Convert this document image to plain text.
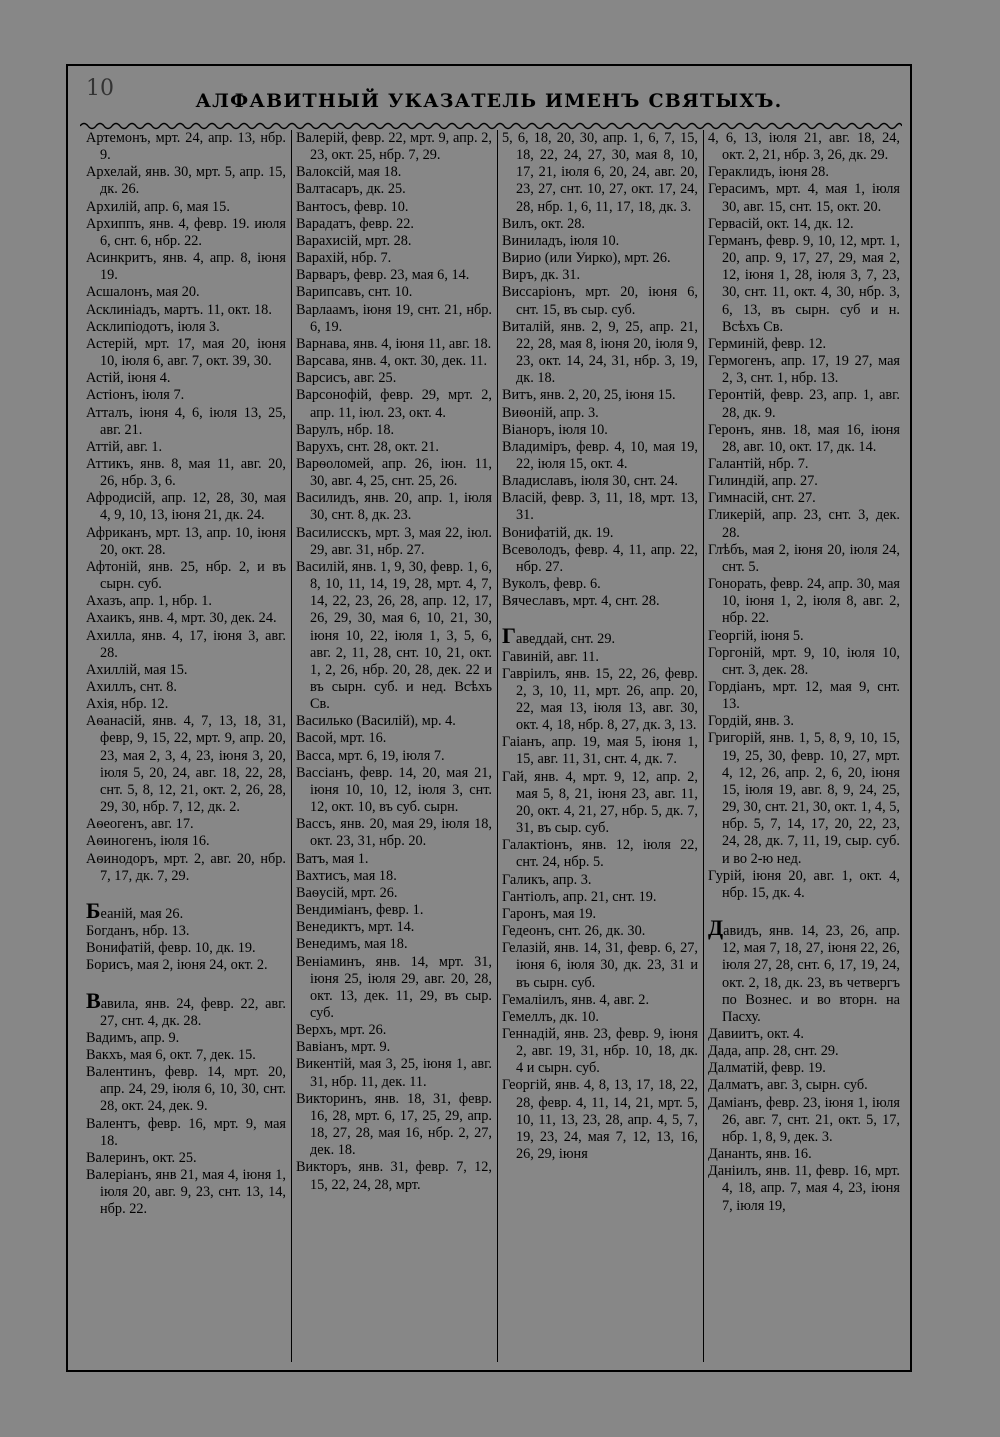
10	АЛФАВИТНЫЙ УКАЗАТЕЛЬ ИМЕНЪ СВЯТЫХЪ.
Артемонъ, мрт. 24, апр. 13, нбр. 9.
Архелай, янв. 30, мрт. 5, апр. 15, дк. 26.
Архилій, апр. 6, мая 15.
Архиппъ, янв. 4, февр. 19. июля 6, снт. 6, нбр. 22.
Асинкритъ, янв. 4, апр. 8, іюня 19.
Асшалонъ, мая 20.
Асклиніадъ, мартъ. 11, окт. 18.
Асклипіодотъ, іюля 3.
Астерій, мрт. 17, мая 20, іюня 10, іюля 6, авг. 7, окт. 39, 30.
Астій, іюня 4.
Астіонъ, іюля 7.
Атталъ, іюня 4, 6, іюля 13, 25, авг. 21.
Аттій, авг. 1.
Аттикъ, янв. 8, мая 11, авг. 20, 26, нбр. 3, 6.
Афродисій, апр. 12, 28, 30, мая 4, 9, 10, 13, іюня 21, дк. 24.
Африканъ, мрт. 13, апр. 10, іюня 20, окт. 28.
Афтоній, янв. 25, нбр. 2, и въ сырн. суб.
Ахазъ, апр. 1, нбр. 1.
Ахаикъ, янв. 4, мрт. 30, дек. 24.
Ахилла, янв. 4, 17, іюня 3, авг. 28.
Ахиллій, мая 15.
Ахиллъ, снт. 8.
Ахія, нбр. 12.
Аѳанасій, янв. 4, 7, 13, 18, 31, февр, 9, 15, 22, мрт. 9, апр. 20, 23, мая 2, 3, 4, 23, іюня 3, 20, іюля 5, 20, 24, авг. 18, 22, 28, снт. 5, 8, 12, 21, окт. 2, 26, 28, 29, 30, нбр. 7, 12, дк. 2.
Аѳеогенъ, авг. 17.
Аѳиногенъ, іюля 16.
Аѳинодоръ, мрт. 2, авг. 20, нбр. 7, 17, дк. 7, 29.
Беаній, мая 26.
Богданъ, нбр. 13.
Вонифатій, февр. 10, дк. 19.
Борисъ, мая 2, іюня 24, окт. 2.
Вавила, янв. 24, февр. 22, авг. 27, снт. 4, дк. 28.
Вадимъ, апр. 9.
Вакхъ, мая 6, окт. 7, дек. 15.
Валентинъ, февр. 14, мрт. 20, апр. 24, 29, іюля 6, 10, 30, снт. 28, окт. 24, дек. 9.
Валентъ, февр. 16, мрт. 9, мая 18.
Валеринъ, окт. 25.
Валеріанъ, янв 21, мая 4, іюня 1, іюля 20, авг. 9, 23, снт. 13, 14, нбр. 22.
Валерій, февр. 22, мрт. 9, апр. 2, 23, окт. 25, нбр. 7, 29.
Валоксій, мая 18.
Валтасаръ, дк. 25.
Вантосъ, февр. 10.
Варадатъ, февр. 22.
Варахисій, мрт. 28.
Варахій, нбр. 7.
Варваръ, февр. 23, мая 6, 14.
Варипсавъ, снт. 10.
Варлаамъ, іюня 19, снт. 21, нбр. 6, 19.
Варнава, янв. 4, іюня 11, авг. 18.
Варсава, янв. 4, окт. 30, дек. 11.
Варсисъ, авг. 25.
Варсонофій, февр. 29, мрт. 2, апр. 11, іюл. 23, окт. 4.
Варулъ, нбр. 18.
Варухъ, снт. 28, окт. 21.
Варѳоломей, апр. 26, іюн. 11, 30, авг. 4, 25, снт. 25, 26.
Василидъ, янв. 20, апр. 1, іюля 30, снт. 8, дк. 23.
Василисскъ, мрт. 3, мая 22, іюл. 29, авг. 31, нбр. 27.
Василій, янв. 1, 9, 30, февр. 1, 6, 8, 10, 11, 14, 19, 28, мрт. 4, 7, 14, 22, 23, 26, 28, апр. 12, 17, 26, 29, 30, мая 6, 10, 21, 30, іюня 10, 22, іюля 1, 3, 5, 6, авг. 2, 11, 28, снт. 10, 21, окт. 1, 2, 26, нбр. 20, 28, дек. 22 и въ сырн. суб. и нед. Всѣхъ Св.
Василько (Василій), мр. 4.
Васой, мрт. 16.
Васса, мрт. 6, 19, іюля 7.
Вассіанъ, февр. 14, 20, мая 21, іюня 10, 10, 12, іюля 3, снт. 12, окт. 10, въ суб. сырн.
Вассъ, янв. 20, мая 29, іюля 18, окт. 23, 31, нбр. 20.
Ватъ, мая 1.
Вахтисъ, мая 18.
Ваѳусій, мрт. 26.
Вендиміанъ, февр. 1.
Венедиктъ, мрт. 14.
Венедимъ, мая 18.
Веніаминъ, янв. 14, мрт. 31, іюня 25, іюля 29, авг. 20, 28, окт. 13, дек. 11, 29, въ сыр. суб.
Верхъ, мрт. 26.
Вавіанъ, мрт. 9.
Викентій, мая 3, 25, іюня 1, авг. 31, нбр. 11, дек. 11.
Викторинъ, янв. 18, 31, февр. 16, 28, мрт. 6, 17, 25, 29, апр. 18, 27, 28, мая 16, нбр. 2, 27, дек. 18.
Викторъ, янв. 31, февр. 7, 12, 15, 22, 24, 28, мрт.
5, 6, 18, 20, 30, апр. 1, 6, 7, 15, 18, 22, 24, 27, 30, мая 8, 10, 17, 21, іюля 6, 20, 24, авг. 20, 23, 27, снт. 10, 27, окт. 17, 24, 28, нбр. 1, 6, 11, 17, 18, дк. 3.
Вилъ, окт. 28.
Виниладъ, іюля 10.
Вирио (или Уирко), мрт. 26.
Виръ, дк. 31.
Виссаріонъ, мрт. 20, іюня 6, снт. 15, въ сыр. суб.
Виталій, янв. 2, 9, 25, апр. 21, 22, 28, мая 8, іюня 20, іюля 9, 23, окт. 14, 24, 31, нбр. 3, 19, дк. 18.
Витъ, янв. 2, 20, 25, іюня 15.
Виѳоній, апр. 3.
Віаноръ, іюля 10.
Владиміръ, февр. 4, 10, мая 19, 22, іюля 15, окт. 4.
Владиславъ, іюля 30, снт. 24.
Власій, февр. 3, 11, 18, мрт. 13, 31.
Вонифатій, дк. 19.
Всеволодъ, февр. 4, 11, апр. 22, нбр. 27.
Вуколъ, февр. 6.
Вячеславъ, мрт. 4, снт. 28.
Гаведдай, снт. 29.
Гавиній, авг. 11.
Гавріилъ, янв. 15, 22, 26, февр. 2, 3, 10, 11, мрт. 26, апр. 20, 22, мая 13, іюля 13, авг. 30, окт. 4, 18, нбр. 8, 27, дк. 3, 13.
Гаіанъ, апр. 19, мая 5, іюня 1, 15, авг. 11, 31, снт. 4, дк. 7.
Гай, янв. 4, мрт. 9, 12, апр. 2, мая 5, 8, 21, іюня 23, авг. 11, 20, окт. 4, 21, 27, нбр. 5, дк. 7, 31, въ сыр. суб.
Галактіонъ, янв. 12, іюля 22, снт. 24, нбр. 5.
Галикъ, апр. 3.
Гантіолъ, апр. 21, снт. 19.
Гаронъ, мая 19.
Гедеонъ, снт. 26, дк. 30.
Гелазій, янв. 14, 31, февр. 6, 27, іюня 6, іюля 30, дк. 23, 31 и въ сырн. суб.
Гемаліилъ, янв. 4, авг. 2.
Гемеллъ, дк. 10.
Геннадій, янв. 23, февр. 9, іюня 2, авг. 19, 31, нбр. 10, 18, дк. 4 и сырн. суб.
Георгій, янв. 4, 8, 13, 17, 18, 22, 28, февр. 4, 11, 14, 21, мрт. 5, 10, 11, 13, 23, 28, апр. 4, 5, 7, 19, 23, 24, мая 7, 12, 13, 16, 26, 29, іюня
4, 6, 13, іюля 21, авг. 18, 24, окт. 2, 21, нбр. 3, 26, дк. 29.
Гераклидъ, іюня 28.
Герасимъ, мрт. 4, мая 1, іюля 30, авг. 15, снт. 15, окт. 20.
Гервасій, окт. 14, дк. 12.
Германъ, февр. 9, 10, 12, мрт. 1, 20, апр. 9, 17, 27, 29, мая 2, 12, іюня 1, 28, іюля 3, 7, 23, 30, снт. 11, окт. 4, 30, нбр. 3, 6, 13, въ сырн. суб и н. Всѣхъ Св.
Герминій, февр. 12.
Гермогенъ, апр. 17, 19 27, мая 2, 3, снт. 1, нбр. 13.
Геронтій, февр. 23, апр. 1, авг. 28, дк. 9.
Геронъ, янв. 18, мая 16, іюня 28, авг. 10, окт. 17, дк. 14.
Галантій, нбр. 7.
Гилиндій, апр. 27.
Гимнасій, снт. 27.
Гликерій, апр. 23, снт. 3, дек. 28.
Глѣбъ, мая 2, іюня 20, іюля 24, снт. 5.
Гонорать, февр. 24, апр. 30, мая 10, іюня 1, 2, іюля 8, авг. 2, нбр. 22.
Георгій, іюня 5.
Горгоній, мрт. 9, 10, іюля 10, снт. 3, дек. 28.
Гордіанъ, мрт. 12, мая 9, снт. 13.
Гордій, янв. 3.
Григорій, янв. 1, 5, 8, 9, 10, 15, 19, 25, 30, февр. 10, 27, мрт. 4, 12, 26, апр. 2, 6, 20, іюня 15, іюля 19, авг. 8, 9, 24, 25, 29, 30, снт. 21, 30, окт. 1, 4, 5, нбр. 5, 7, 14, 17, 20, 22, 23, 24, 28, дк. 7, 11, 19, сыр. суб. и во 2-ю нед.
Гурій, іюня 20, авг. 1, окт. 4, нбр. 15, дк. 4.
Давидъ, янв. 14, 23, 26, апр. 12, мая 7, 18, 27, іюня 22, 26, іюля 27, 28, снт. 6, 17, 19, 24, окт. 2, 18, дк. 23, въ четвергъ по Вознес. и во вторн. на Пасху.
Давиитъ, окт. 4.
Дада, апр. 28, снт. 29.
Далматій, февр. 19.
Далматъ, авг. 3, сырн. суб.
Даміанъ, февр. 23, іюня 1, іюля 26, авг. 7, снт. 21, окт. 5, 17, нбр. 1, 8, 9, дек. 3.
Дананть, янв. 16.
Даніилъ, янв. 11, февр. 16, мрт. 4, 18, апр. 7, мая 4, 23, іюня 7, іюля 19,
